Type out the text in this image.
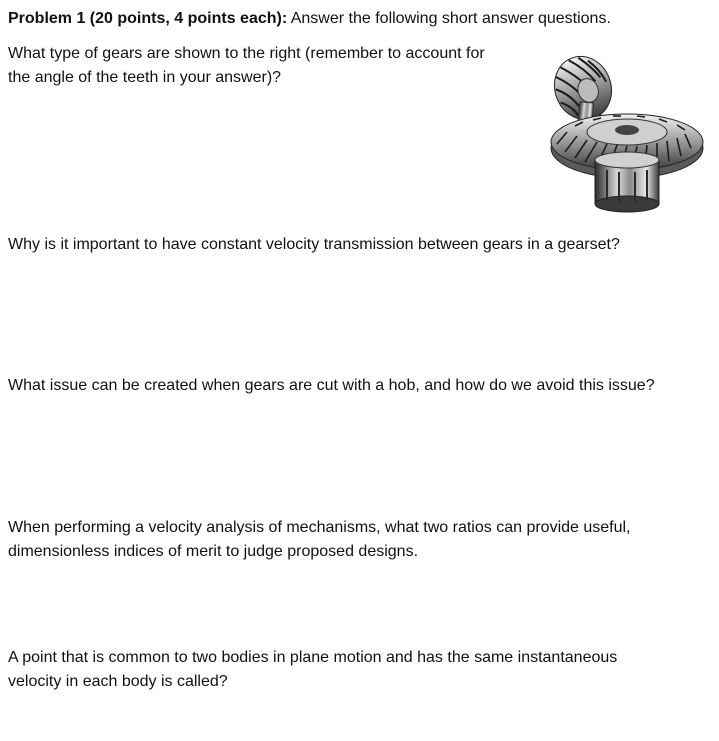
Problem 1 (20 points, 4 points each): Answer the following short answer questions.

What type of gears are shown to the right (remember to account for

the angle of the teeth in your answer)?

Why is it important to have constant velocity transmission between gears in a gearset?

What issue can be created when gears are cut with a hob, and how do we avoid this issue?

When performing a velocity analysis of mechanisms, what two ratios can provide useful,

dimensionless indices of merit to judge proposed designs.

A point that is common to two bodies in plane motion and has the same instantaneous

velocity in each body is called?
